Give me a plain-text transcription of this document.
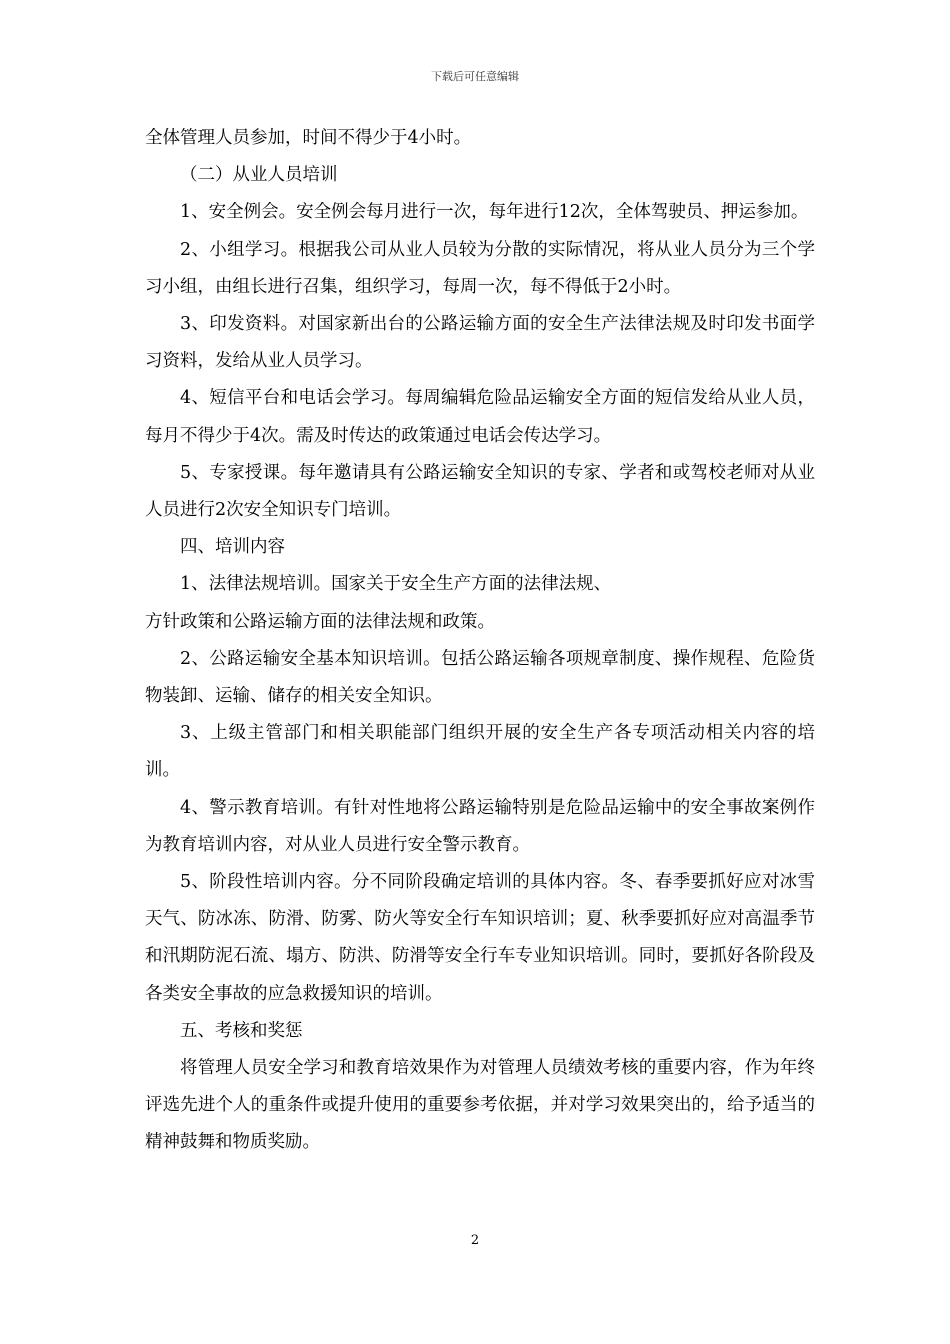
下载后可任意编辑

全体管理人员参加，时间不得少于4小时。

（二）从业人员培训

1、安全例会。安全例会每月进行一次，每年进行12次，全体驾驶员、押运参加。

2、小组学习。根据我公司从业人员较为分散的实际情况，将从业人员分为三个学习小组，由组长进行召集，组织学习，每周一次，每不得低于2小时。

3、印发资料。对国家新出台的公路运输方面的安全生产法律法规及时印发书面学习资料，发给从业人员学习。

4、短信平台和电话会学习。每周编辑危险品运输安全方面的短信发给从业人员，每月不得少于4次。需及时传达的政策通过电话会传达学习。

5、专家授课。每年邀请具有公路运输安全知识的专家、学者和或驾校老师对从业人员进行2次安全知识专门培训。

四、培训内容

1、法律法规培训。国家关于安全生产方面的法律法规、

方针政策和公路运输方面的法律法规和政策。

2、公路运输安全基本知识培训。包括公路运输各项规章制度、操作规程、危险货物装卸、运输、储存的相关安全知识。

3、上级主管部门和相关职能部门组织开展的安全生产各专项活动相关内容的培训。

4、警示教育培训。有针对性地将公路运输特别是危险品运输中的安全事故案例作为教育培训内容，对从业人员进行安全警示教育。

5、阶段性培训内容。分不同阶段确定培训的具体内容。冬、春季要抓好应对冰雪天气、防冰冻、防滑、防雾、防火等安全行车知识培训；夏、秋季要抓好应对高温季节和汛期防泥石流、塌方、防洪、防滑等安全行车专业知识培训。同时，要抓好各阶段及各类安全事故的应急救援知识的培训。

五、考核和奖惩

将管理人员安全学习和教育培效果作为对管理人员绩效考核的重要内容，作为年终评选先进个人的重条件或提升使用的重要参考依据，并对学习效果突出的，给予适当的精神鼓舞和物质奖励。

2
